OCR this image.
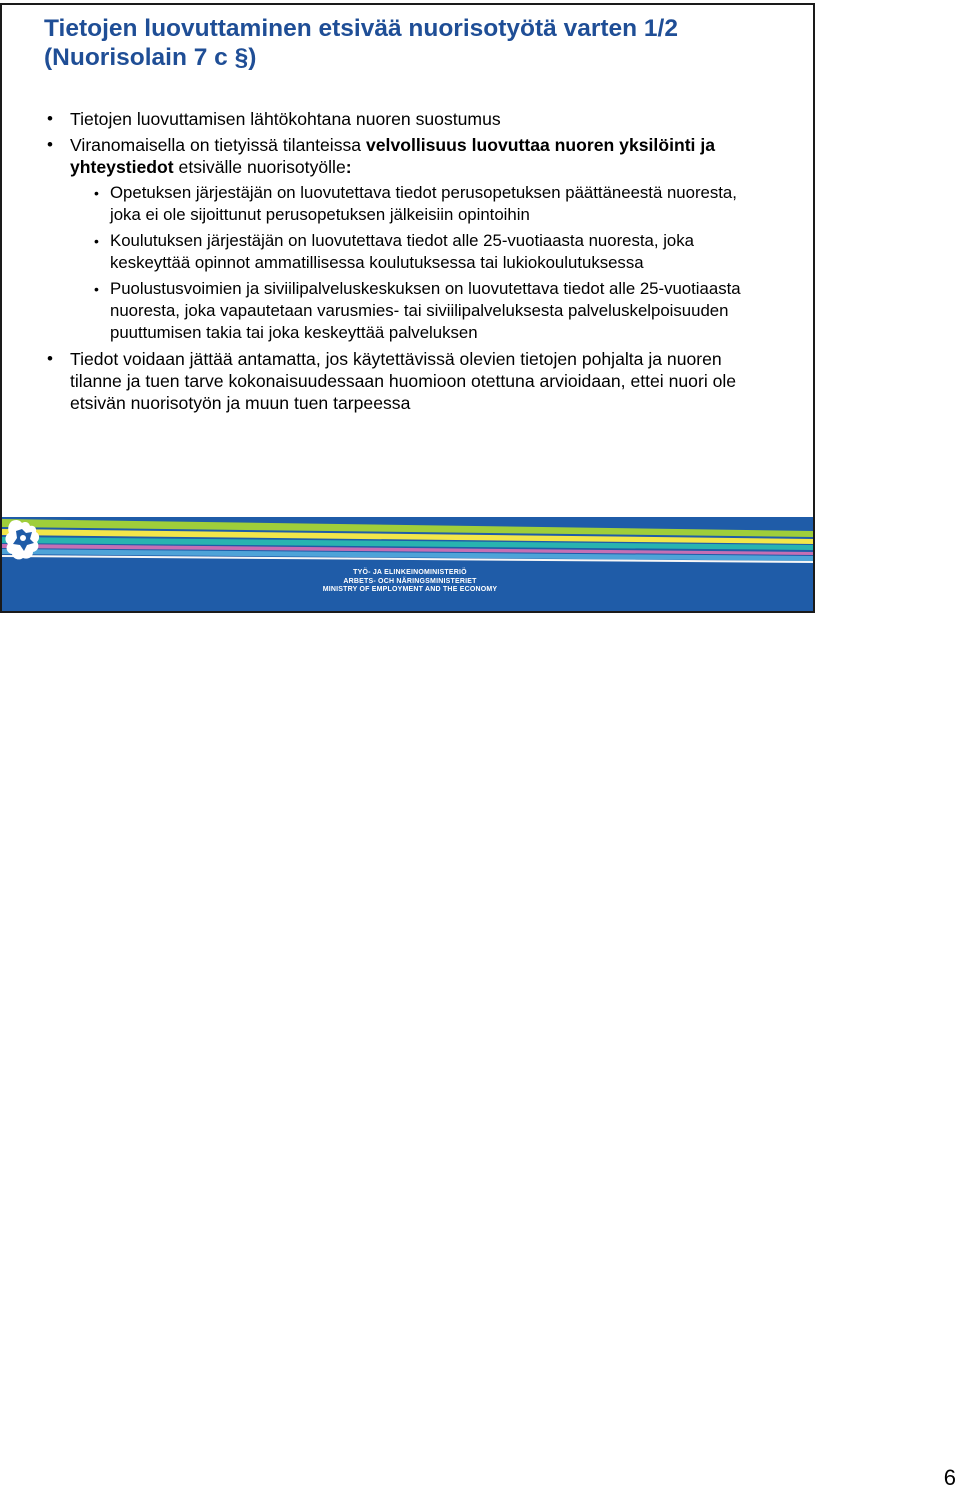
Tietojen luovuttaminen etsivää nuorisotyötä varten 1/2
(Nuorisolain 7 c §)
• Tietojen luovuttamisen lähtökohtana nuoren suostumus
• Viranomaisella on tietyissä tilanteissa velvollisuus luovuttaa nuoren yksilöinti ja yhteystiedot etsivälle nuorisotyölle:
• Opetuksen järjestäjän on luovutettava tiedot perusopetuksen päättäneestä nuoresta, joka ei ole sijoittunut perusopetuksen jälkeisiin opintoihin
• Koulutuksen järjestäjän on luovutettava tiedot alle 25-vuotiaasta nuoresta, joka keskeyttää opinnot ammatillisessa koulutuksessa tai lukiokoulutuksessa
• Puolustusvoimien ja siviilipalveluskeskuksen on luovutettava tiedot alle 25-vuotiaasta nuoresta, joka vapautetaan varusmies- tai siviilipalveluksesta palveluskelpoisuuden puuttumisen takia tai joka keskeyttää palveluksen
• Tiedot voidaan jättää antamatta, jos käytettävissä olevien tietojen pohjalta ja nuoren tilanne ja tuen tarve kokonaisuudessaan huomioon otettuna arvioidaan, ettei nuori ole etsivän nuorisotyön ja muun tuen tarpeessa
TYÖ- JA ELINKEINOMINISTERIÖ
ARBETS- OCH NÄRINGSMINISTERIET
MINISTRY OF EMPLOYMENT AND THE ECONOMY
6
